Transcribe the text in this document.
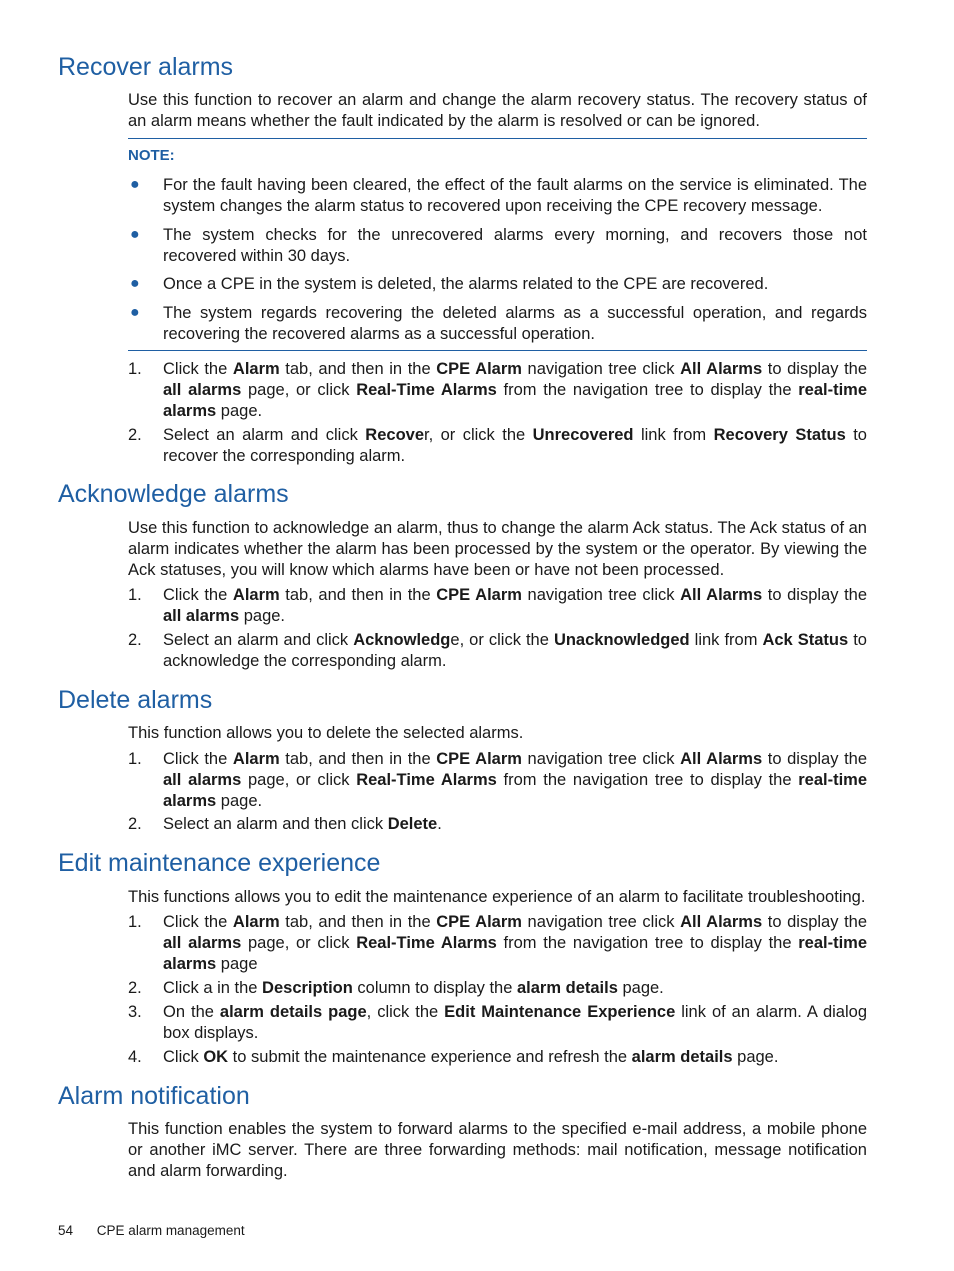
Recover alarms

Use this function to recover an alarm and change the alarm recovery status. The recovery status of an alarm means whether the fault indicated by the alarm is resolved or can be ignored.

NOTE:

● For the fault having been cleared, the effect of the fault alarms on the service is eliminated. The system changes the alarm status to recovered upon receiving the CPE recovery message.
● The system checks for the unrecovered alarms every morning, and recovers those not recovered within 30 days.
● Once a CPE in the system is deleted, the alarms related to the CPE are recovered.
● The system regards recovering the deleted alarms as a successful operation, and regards recovering the recovered alarms as a successful operation.
1. Click the Alarm tab, and then in the CPE Alarm navigation tree click All Alarms to display the all alarms page, or click Real-Time Alarms from the navigation tree to display the real-time alarms page.
2. Select an alarm and click Recover, or click the Unrecovered link from Recovery Status to recover the corresponding alarm.
Acknowledge alarms

Use this function to acknowledge an alarm, thus to change the alarm Ack status. The Ack status of an alarm indicates whether the alarm has been processed by the system or the operator. By viewing the Ack statuses, you will know which alarms have been or have not been processed.

1. Click the Alarm tab, and then in the CPE Alarm navigation tree click All Alarms to display the all alarms page.
2. Select an alarm and click Acknowledge, or click the Unacknowledged link from Ack Status to acknowledge the corresponding alarm.
Delete alarms

This function allows you to delete the selected alarms.

1. Click the Alarm tab, and then in the CPE Alarm navigation tree click All Alarms to display the all alarms page, or click Real-Time Alarms from the navigation tree to display the real-time alarms page.
2. Select an alarm and then click Delete.
Edit maintenance experience

This functions allows you to edit the maintenance experience of an alarm to facilitate troubleshooting.

1. Click the Alarm tab, and then in the CPE Alarm navigation tree click All Alarms to display the all alarms page, or click Real-Time Alarms from the navigation tree to display the real-time alarms page
2. Click a in the Description column to display the alarm details page.
3. On the alarm details page, click the Edit Maintenance Experience link of an alarm. A dialog box displays.
4. Click OK to submit the maintenance experience and refresh the alarm details page.
Alarm notification

This function enables the system to forward alarms to the specified e-mail address, a mobile phone or another iMC server. There are three forwarding methods: mail notification, message notification and alarm forwarding.

54 CPE alarm management
